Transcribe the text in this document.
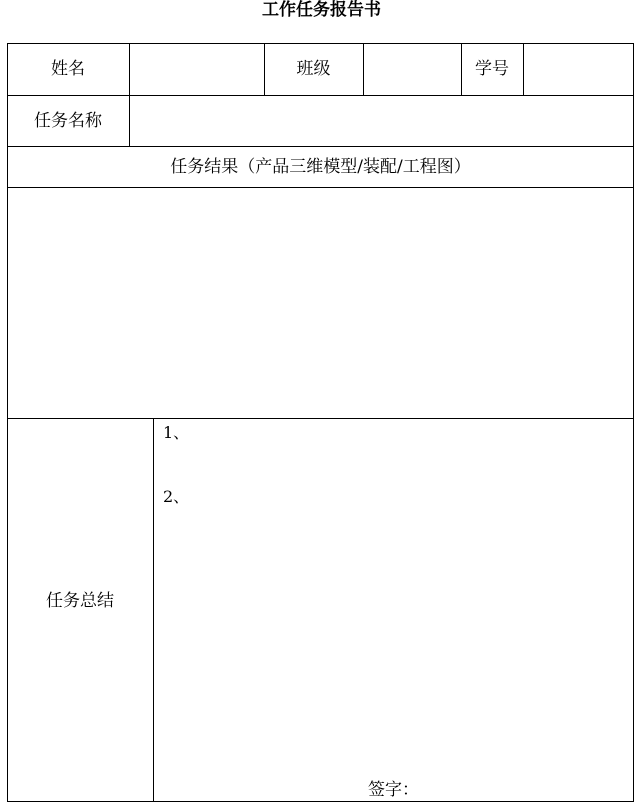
工作任务报告书
姓名	班级	学号
任务名称
任务结果（产品三维模型/装配/工程图）
任务总结
1、
2、
签字：
